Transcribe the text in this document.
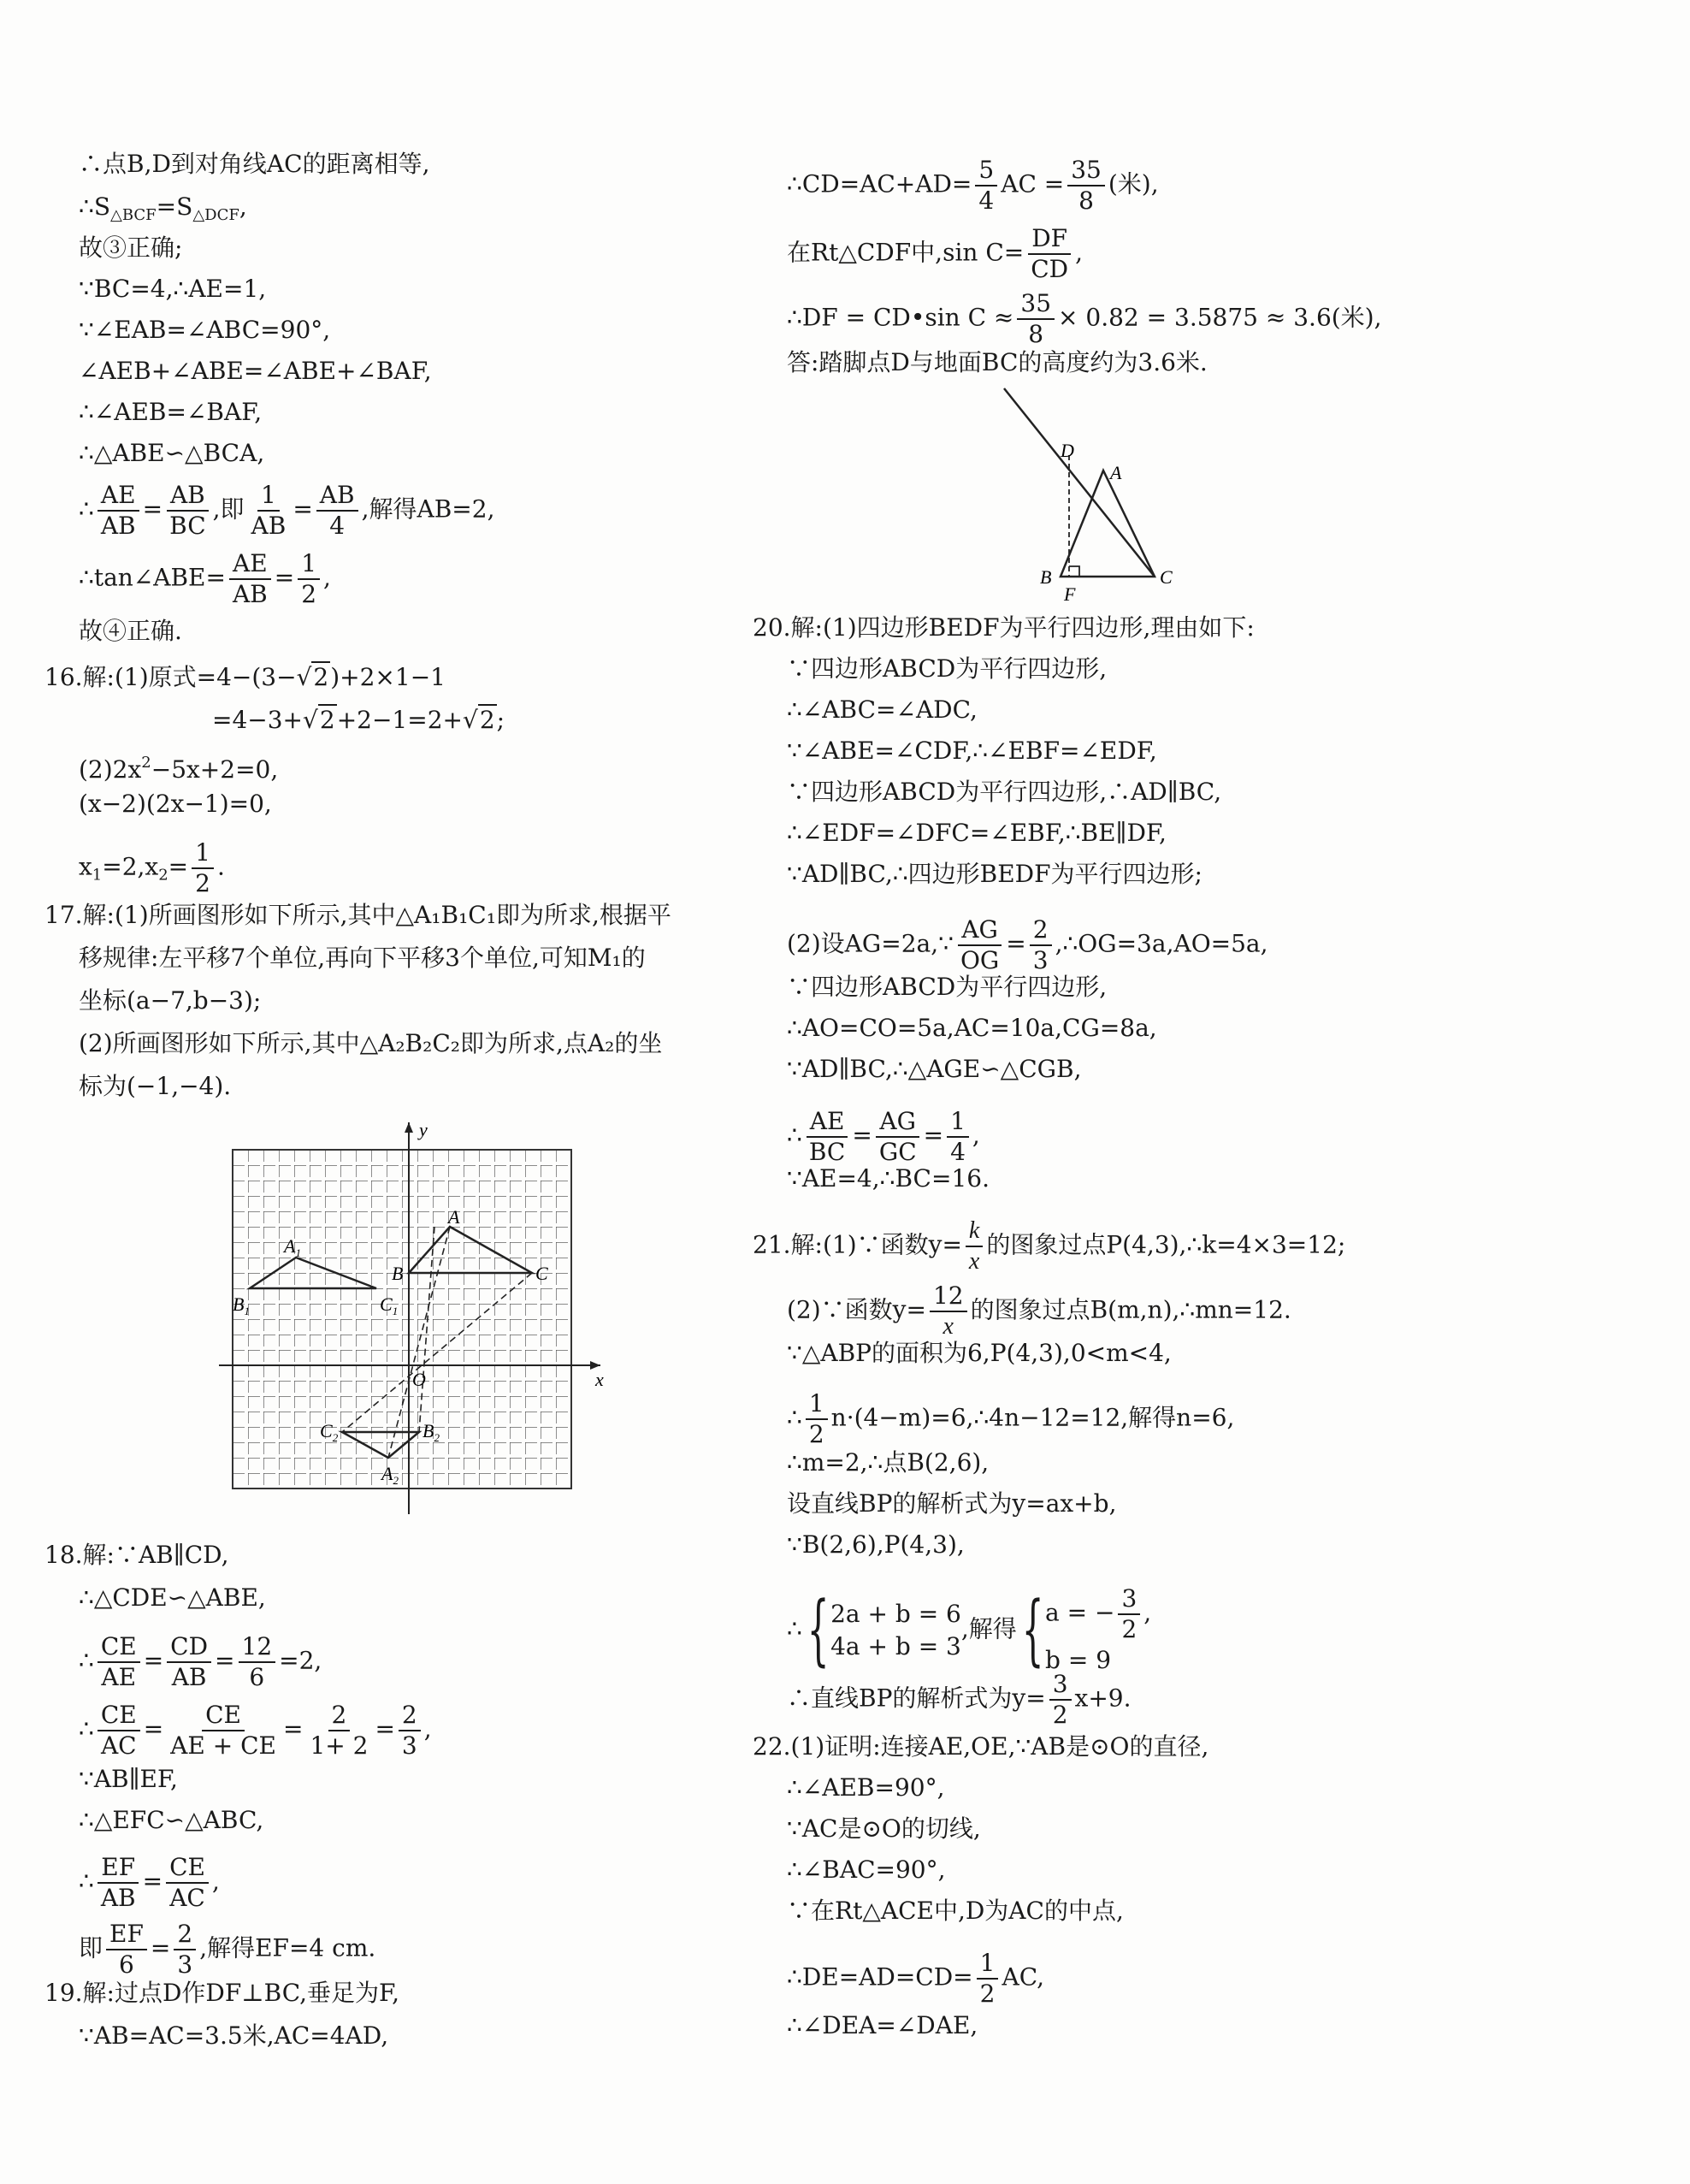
∴点B,D到对角线AC的距离相等,
$\therefore S_{\triangle BCF}=S_{\triangle DCF}$,
故③正确;
∵BC=4,∴AE=1,
∵∠EAB=∠ABC=90°,
∠AEB+∠ABE=∠ABE+∠BAF,
∴∠AEB=∠BAF,
∴△ABE∽△BCA,
∴ $\frac{AE}{AB} = \frac{AB}{BC}$ ,即 $\frac{1}{AB} = \frac{AB}{4}$ ,解得AB=2,
∴tan∠ABE= $\frac{AE}{AB} = \frac{1}{2}$ ,
故④正确.
16.解:(1)原式=4−(3−√2)+2×1−1
=4−3+√2+2−1=2+√2;
$(2)2x^2-5x+2=0$,
(x−2)(2x−1)=0,
$x_1=2,x_2= \frac{1}{2}$ .
17.解:(1)所画图形如下所示,其中△A₁B₁C₁即为所求,根据平
移规律:左平移7个单位,再向下平移3个单位,可知M₁的
坐标(a−7,b−3);
(2)所画图形如下所示,其中△A₂B₂C₂即为所求,点A₂的坐
标为(−1,−4).
y
x
O
A
B	C
$A_1$
$B_1$	$C_1$
$A_2$
$B_2$
$C_2$
18.解:∵AB∥CD,
∴△CDE∽△ABE,
∴ $\frac{CE}{AE} = \frac{CD}{AB} = \frac{12}{6} =2$,
∴ $\frac{CE}{AC} = \frac{CE}{AE + CE} = \frac{2}{1+ 2} = \frac{2}{3}$ ,
∵AB∥EF,
∴△EFC∽△ABC,
∴ $\frac{EF}{AB} = \frac{CE}{AC}$ ,
即 $\frac{EF}{6} = \frac{2}{3}$ ,解得EF=4 cm.
19.解:过点D作DF⊥BC,垂足为F,
∵AB=AC=3.5米,AC=4AD,
∴CD=AC+AD= $\frac{5}{4}$ AC = $\frac{35}{8}$ (米),
在Rt△CDF中,sin $C= \frac{DF}{CD}$ ,
∴DF = CD•sin $C \approx \frac{35}{8} \times 0.82 = 3.5875 \approx 3.6$(米),
答:踏脚点D与地面BC的高度约为3.6米.
D
A
B	C
F
20.解:(1)四边形BEDF为平行四边形,理由如下:
∵四边形ABCD为平行四边形,
∴∠ABC=∠ADC,
∵∠ABE=∠CDF,∴∠EBF=∠EDF,
∵四边形ABCD为平行四边形,∴AD∥BC,
∴∠EDF=∠DFC=∠EBF,∴BE∥DF,
∵AD∥BC,∴四边形BEDF为平行四边形;
(2)设AG=2a,∵ $\frac{AG}{OG} = \frac{2}{3}$ ,∴OG=3a,AO=5a,
∵四边形ABCD为平行四边形,
∴AO=CO=5a,AC=10a,CG=8a,
∵AD∥BC,∴△AGE∽△CGB,
∴ $\frac{AE}{BC} = \frac{AG}{GC} = \frac{1}{4}$ ,
∵AE=4,∴BC=16.
21.解:(1)∵函数$y= \frac{k}{x}$ 的图象过点P(4,3),∴k=4×3=12;
(2)∵函数$y= \frac{12}{x}$ 的图象过点B(m,n),∴mn=12.
∵△ABP的面积为6,P(4,3),0<m<4,
∴ $\frac{1}{2}$ n·(4−m)=6,∴4n−12=12,解得n=6,
∴m=2,∴点B(2,6),
设直线BP的解析式为y=ax+b,
∵B(2,6),P(4,3),
∴{ 2a + b = 6
4a + b = 3
,解得{ a = − $\frac{3}{2}$ ,
b = 9
∴直线BP的解析式为$y= \frac{3}{2} x+9$.
22.(1)证明:连接AE,OE,∵AB是⊙O的直径,
∴∠AEB=90°,
∵AC是⊙O的切线,
∴∠BAC=90°,
∵在Rt△ACE中,D为AC的中点,
∴DE=AD=CD= $\frac{1}{2}$ AC,
∴∠DEA=∠DAE,
